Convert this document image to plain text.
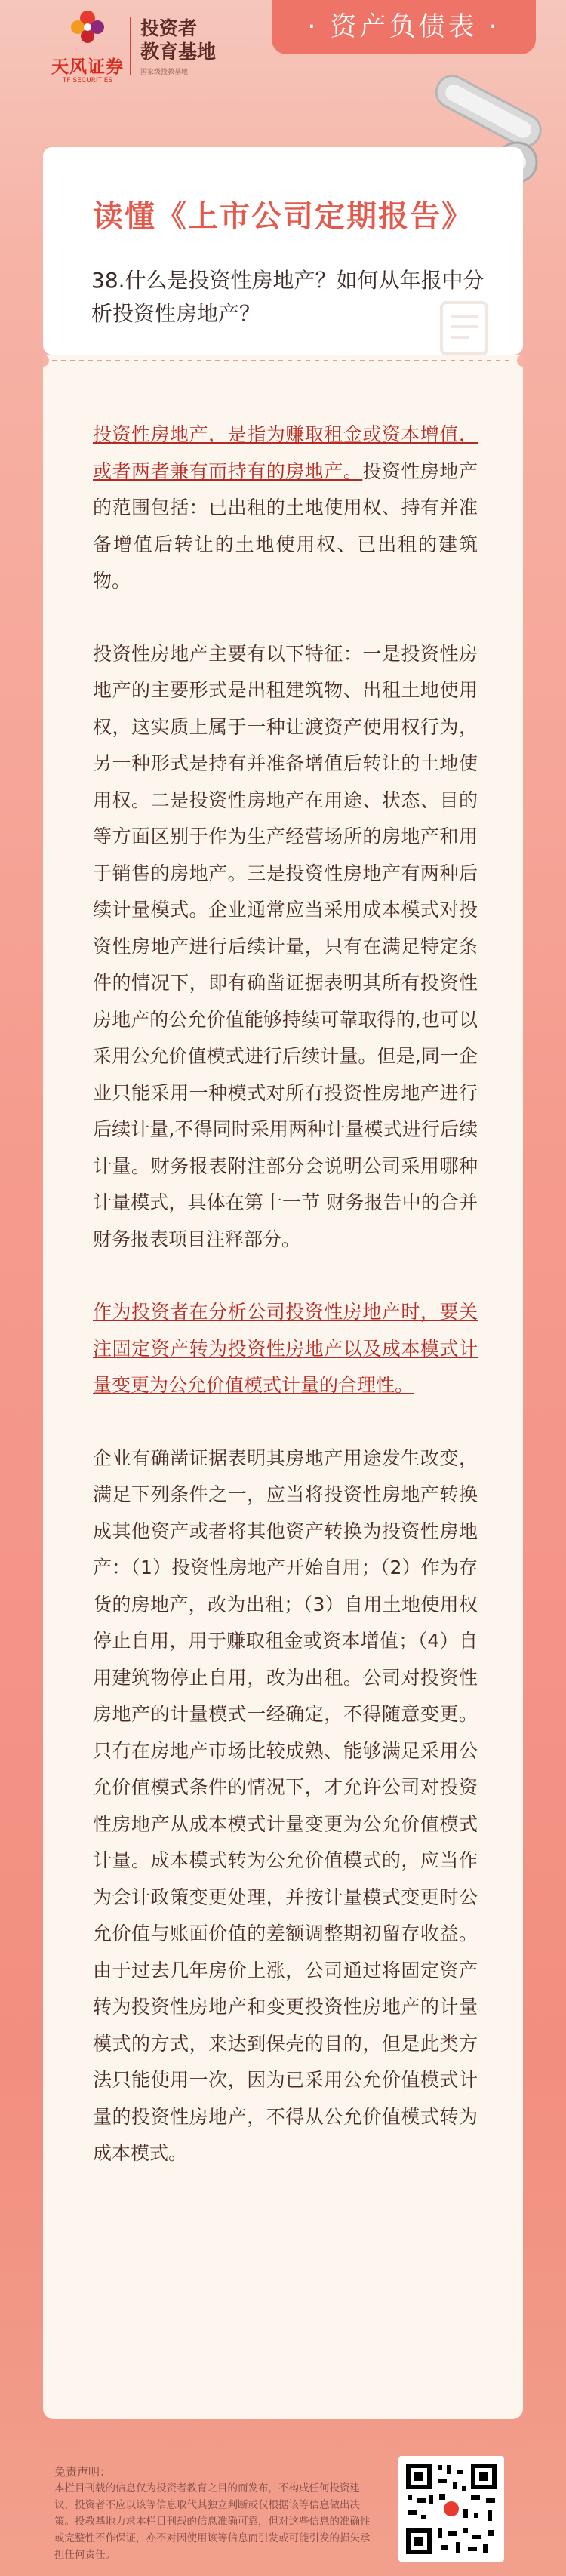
天风证券
TF SECURITIES
投资者
教育基地
国家级投教基地
· 资产负债表 ·
读懂《上市公司定期报告》
38.什么是投资性房地产？如何从年报中分析投资性房地产？

投资性房地产，是指为赚取租金或资本增值，或者两者兼有而持有的房地产。投资性房地产的范围包括：已出租的土地使用权、持有并准备增值后转让的土地使用权、已出租的建筑物。

投资性房地产主要有以下特征：一是投资性房地产的主要形式是出租建筑物、出租土地使用权，这实质上属于一种让渡资产使用权行为，另一种形式是持有并准备增值后转让的土地使用权。二是投资性房地产在用途、状态、目的等方面区别于作为生产经营场所的房地产和用于销售的房地产。三是投资性房地产有两种后续计量模式。企业通常应当采用成本模式对投资性房地产进行后续计量，只有在满足特定条件的情况下，即有确凿证据表明其所有投资性房地产的公允价值能够持续可靠取得的,也可以采用公允价值模式进行后续计量。但是,同一企业只能采用一种模式对所有投资性房地产进行后续计量,不得同时采用两种计量模式进行后续计量。财务报表附注部分会说明公司采用哪种计量模式，具体在第十一节 财务报告中的合并财务报表项目注释部分。

作为投资者在分析公司投资性房地产时，要关注固定资产转为投资性房地产以及成本模式计量变更为公允价值模式计量的合理性。

企业有确凿证据表明其房地产用途发生改变，满足下列条件之一，应当将投资性房地产转换成其他资产或者将其他资产转换为投资性房地产：（1）投资性房地产开始自用；（2）作为存货的房地产，改为出租；（3）自用土地使用权停止自用，用于赚取租金或资本增值；（4）自用建筑物停止自用，改为出租。公司对投资性房地产的计量模式一经确定，不得随意变更。只有在房地产市场比较成熟、能够满足采用公允价值模式条件的情况下，才允许公司对投资性房地产从成本模式计量变更为公允价值模式计量。成本模式转为公允价值模式的，应当作为会计政策变更处理，并按计量模式变更时公允价值与账面价值的差额调整期初留存收益。由于过去几年房价上涨，公司通过将固定资产转为投资性房地产和变更投资性房地产的计量模式的方式，来达到保壳的目的，但是此类方法只能使用一次，因为已采用公允价值模式计量的投资性房地产，不得从公允价值模式转为成本模式。

免责声明：
本栏目刊载的信息仅为投资者教育之目的而发布，不构成任何投资建议，投资者不应以该等信息取代其独立判断或仅根据该等信息做出决策。投教基地力求本栏目刊载的信息准确可靠，但对这些信息的准确性或完整性不作保证，亦不对因使用该等信息而引发或可能引发的损失承担任何责任。
